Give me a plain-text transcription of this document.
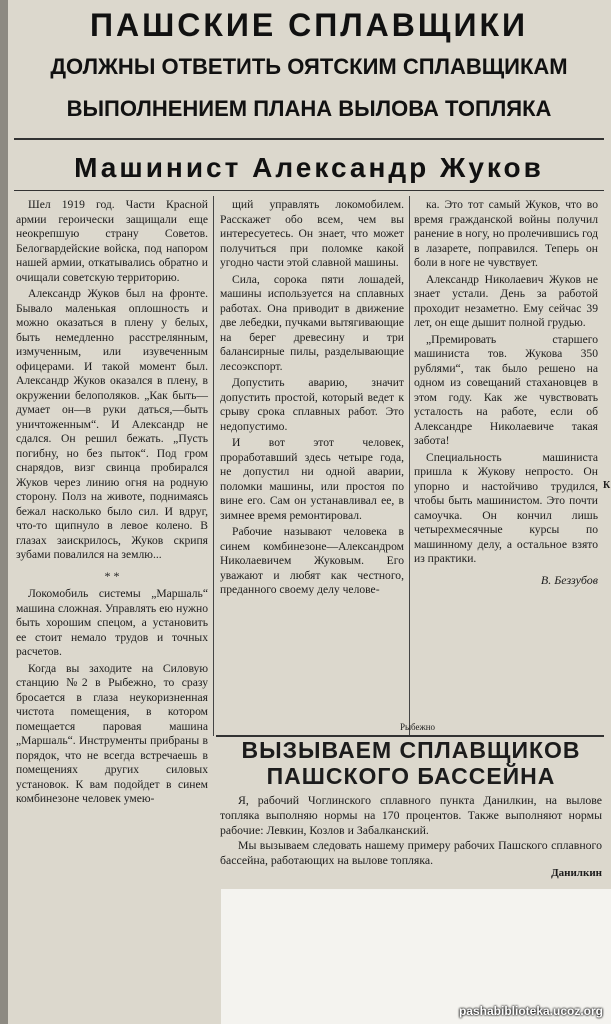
ПАШСКИЕ СПЛАВЩИКИ
ДОЛЖНЫ ОТВЕТИТЬ ОЯТСКИМ СПЛАВЩИКАМ
ВЫПОЛНЕНИЕМ ПЛАНА ВЫЛОВА ТОПЛЯКА
Машинист Александр Жуков

Шел 1919 год. Части Красной армии героически защищали еще неокрепшую страну Советов. Белогвардейские войска, под напором нашей армии, откатывались обратно и очищали советскую территорию.

Александр Жуков был на фронте. Бывало маленькая оплошность и можно оказаться в плену у белых, быть немедленно расстрелянным, измученным, или изувеченным офицерами. И такой момент был. Александр Жуков оказался в плену, в окружении белополяков. „Как быть—думает он—в руки даться,—быть уничтоженным“. И Александр не сдался. Он решил бежать. „Пусть погибну, но без пыток“. Под гром снарядов, визг свинца пробирался Жуков через линию огня на родную сторону. Полз на животе, поднимаясь бежал насколько было сил. И вдруг, что-то щипнуло в левое колено. В глазах заискрилось, Жуков скрипя зубами повалился на землю...

* *

Локомобиль системы „Маршаль“ машина сложная. Управлять ею нужно быть хорошим спецом, а установить ее стоит немало трудов и точных расчетов.

Когда вы заходите на Силовую станцию №2 в Рыбежно, то сразу бросается в глаза неукоризненная чистота помещения, в котором помещается паровая машина „Маршаль“. Инструменты прибраны в порядок, что не всегда встречаешь в помещениях других силовых установок. К вам подойдет в синем комбинезоне человек умею-

щий управлять локомобилем. Расскажет обо всем, чем вы интересуетесь. Он знает, что может получиться при поломке какой угодно части этой славной машины.

Сила, сорока пяти лошадей, машины используется на сплавных работах. Она приводит в движение две лебедки, пучками вытягивающие на берег древесину и три балансирные пилы, разделывающие лесоэкспорт.

Допустить аварию, значит допустить простой, который ведет к срыву срока сплавных работ. Это недопустимо.

И вот этот человек, проработавший здесь четыре года, не допустил ни одной аварии, поломки машины, или простоя по вине его. Сам он устанавливал ее, в зимнее время ремонтировал.

Рабочие называют человека в синем комбинезоне—Александром Николаевичем Жуковым. Его уважают и любят как честного, преданного своему делу челове-

ка. Это тот самый Жуков, что во время гражданской войны получил ранение в ногу, но пролечившись год в лазарете, поправился. Теперь он боли в ноге не чувствует.

Александр Николаевич Жуков не знает устали. День за работой проходит незаметно. Ему сейчас 39 лет, он еще дышит полной грудью.

„Премировать старшего машиниста тов. Жукова 350 рублями“, так было решено на одном из совещаний стахановцев в этом году. Как же чувствовать усталость на работе, если об Александре Николаевиче такая забота!

Специальность машиниста пришла к Жукову непросто. Он упорно и настойчиво трудился, чтобы быть машинистом. Это почти самоучка. Он кончил лишь четырехмесячные курсы по машинному делу, а остальное взято из практики.

В. Беззубов
Рыбежно
ВЫЗЫВАЕМ СПЛАВЩИКОВ
ПАШСКОГО БАССЕЙНА

Я, рабочий Чоглинского сплавного пункта Данилкин, на вылове топляка выполняю нормы на 170 процентов. Также выполняют нормы рабочие: Левкин, Козлов и Забалканский.

Мы вызываем следовать нашему примеру рабочих Пашского сплавного бассейна, работающих на вылове топляка.

Данилкин
К
pashabiblioteka.ucoz.org
